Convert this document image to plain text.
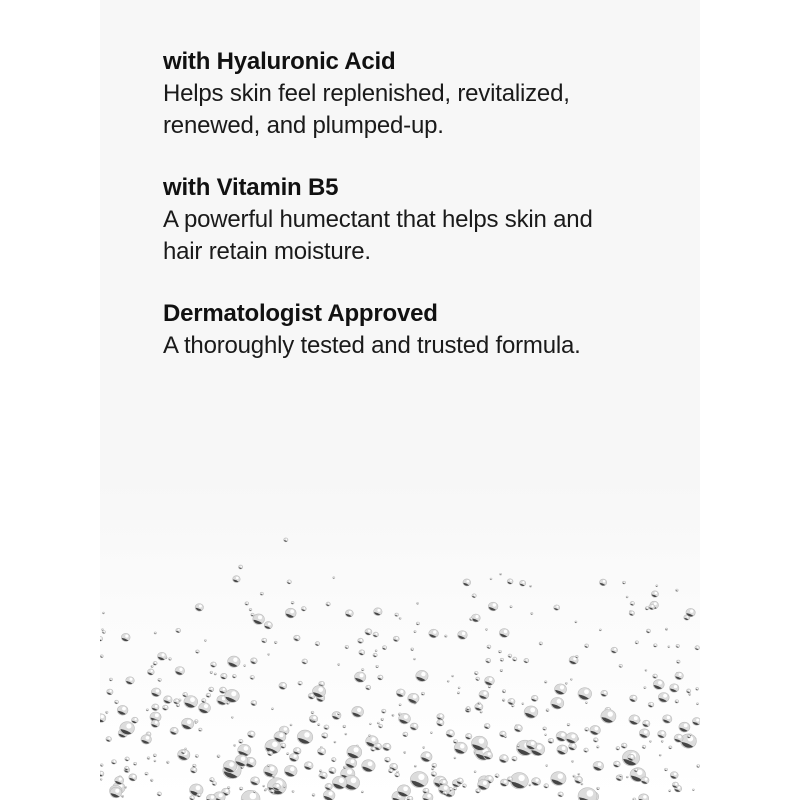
with Hyaluronic Acid

Helps skin feel replenished, revitalized,

renewed, and plumped-up.

with Vitamin B5

A powerful humectant that helps skin and

hair retain moisture.

Dermatologist Approved

A thoroughly tested and trusted formula.
